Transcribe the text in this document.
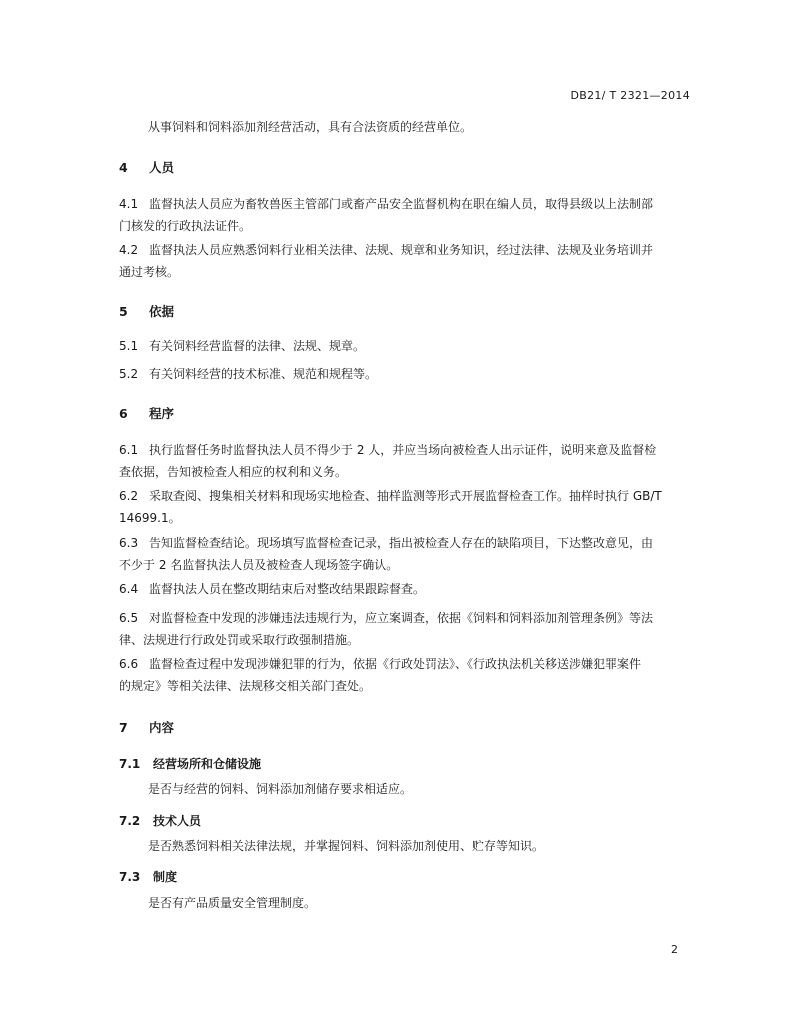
DB21/ T 2321—2014
从事饲料和饲料添加剂经营活动，具有合法资质的经营单位。
4 人员
4.1 监督执法人员应为畜牧兽医主管部门或畜产品安全监督机构在职在编人员，取得县级以上法制部
门核发的行政执法证件。
4.2 监督执法人员应熟悉饲料行业相关法律、法规、规章和业务知识，经过法律、法规及业务培训并
通过考核。
5 依据
5.1 有关饲料经营监督的法律、法规、规章。
5.2 有关饲料经营的技术标准、规范和规程等。
6 程序
6.1 执行监督任务时监督执法人员不得少于 2 人，并应当场向被检查人出示证件，说明来意及监督检
查依据，告知被检查人相应的权利和义务。
6.2 采取查阅、搜集相关材料和现场实地检查、抽样监测等形式开展监督检查工作。抽样时执行 GB/T
14699.1。
6.3 告知监督检查结论。现场填写监督检查记录，指出被检查人存在的缺陷项目，下达整改意见，由
不少于 2 名监督执法人员及被检查人现场签字确认。
6.4 监督执法人员在整改期结束后对整改结果跟踪督查。
6.5 对监督检查中发现的涉嫌违法违规行为，应立案调查，依据《饲料和饲料添加剂管理条例》等法
律、法规进行行政处罚或采取行政强制措施。
6.6 监督检查过程中发现涉嫌犯罪的行为，依据《行政处罚法》、《行政执法机关移送涉嫌犯罪案件
的规定》等相关法律、法规移交相关部门查处。
7 内容
7.1 经营场所和仓储设施
是否与经营的饲料、饲料添加剂储存要求相适应。
7.2 技术人员
是否熟悉饲料相关法律法规，并掌握饲料、饲料添加剂使用、贮存等知识。
7.3 制度
是否有产品质量安全管理制度。
2
